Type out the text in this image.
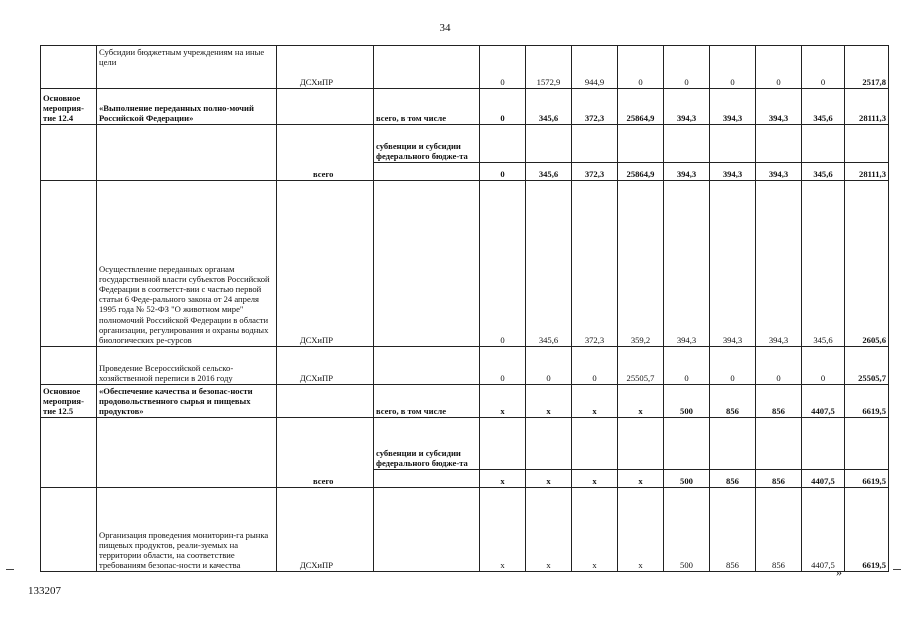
34

	Субсидии бюджетным учреждениям на иные цели	ДСХиПР		0	1572,9	944,9	0	0	0	0	0	2517,8
Основное мероприя-тие 12.4	«Выполнение переданных полно-мочий Российской Федерации»		всего, в том числе	0	345,6	372,3	25864,9	394,3	394,3	394,3	345,6	28111,3
			субвенции и субсидии федерального бюдже-та									
		всего		0	345,6	372,3	25864,9	394,3	394,3	394,3	345,6	28111,3
	Осуществление переданных органам государственной власти субъектов Российской Федерации в соответст-вии с частью первой статьи 6 Феде-рального закона от 24 апреля 1995 года № 52-ФЗ "О животном мире" полномочий Российской Федерации в области организации, регулирования и охраны водных биологических ре-сурсов	ДСХиПР		0	345,6	372,3	359,2	394,3	394,3	394,3	345,6	2605,6
	Проведение Всероссийской сельско-хозяйственной переписи в 2016 году	ДСХиПР		0	0	0	25505,7	0	0	0	0	25505,7
Основное мероприя-тие 12.5	«Обеспечение качества и безопас-ности продовольственного сырья и пищевых продуктов»		всего, в том числе	х	х	х	х	500	856	856	4407,5	6619,5
			субвенции и субсидии федерального бюдже-та									
		всего		х	х	х	х	500	856	856	4407,5	6619,5
	Организация проведения мониторин-га рынка пищевых продуктов, реали-зуемых на территории области, на соответствие требованиям безопас-ности и качества	ДСХиПР		х	х	х	х	500	856	856	4407,5	6619,5
»
133207
